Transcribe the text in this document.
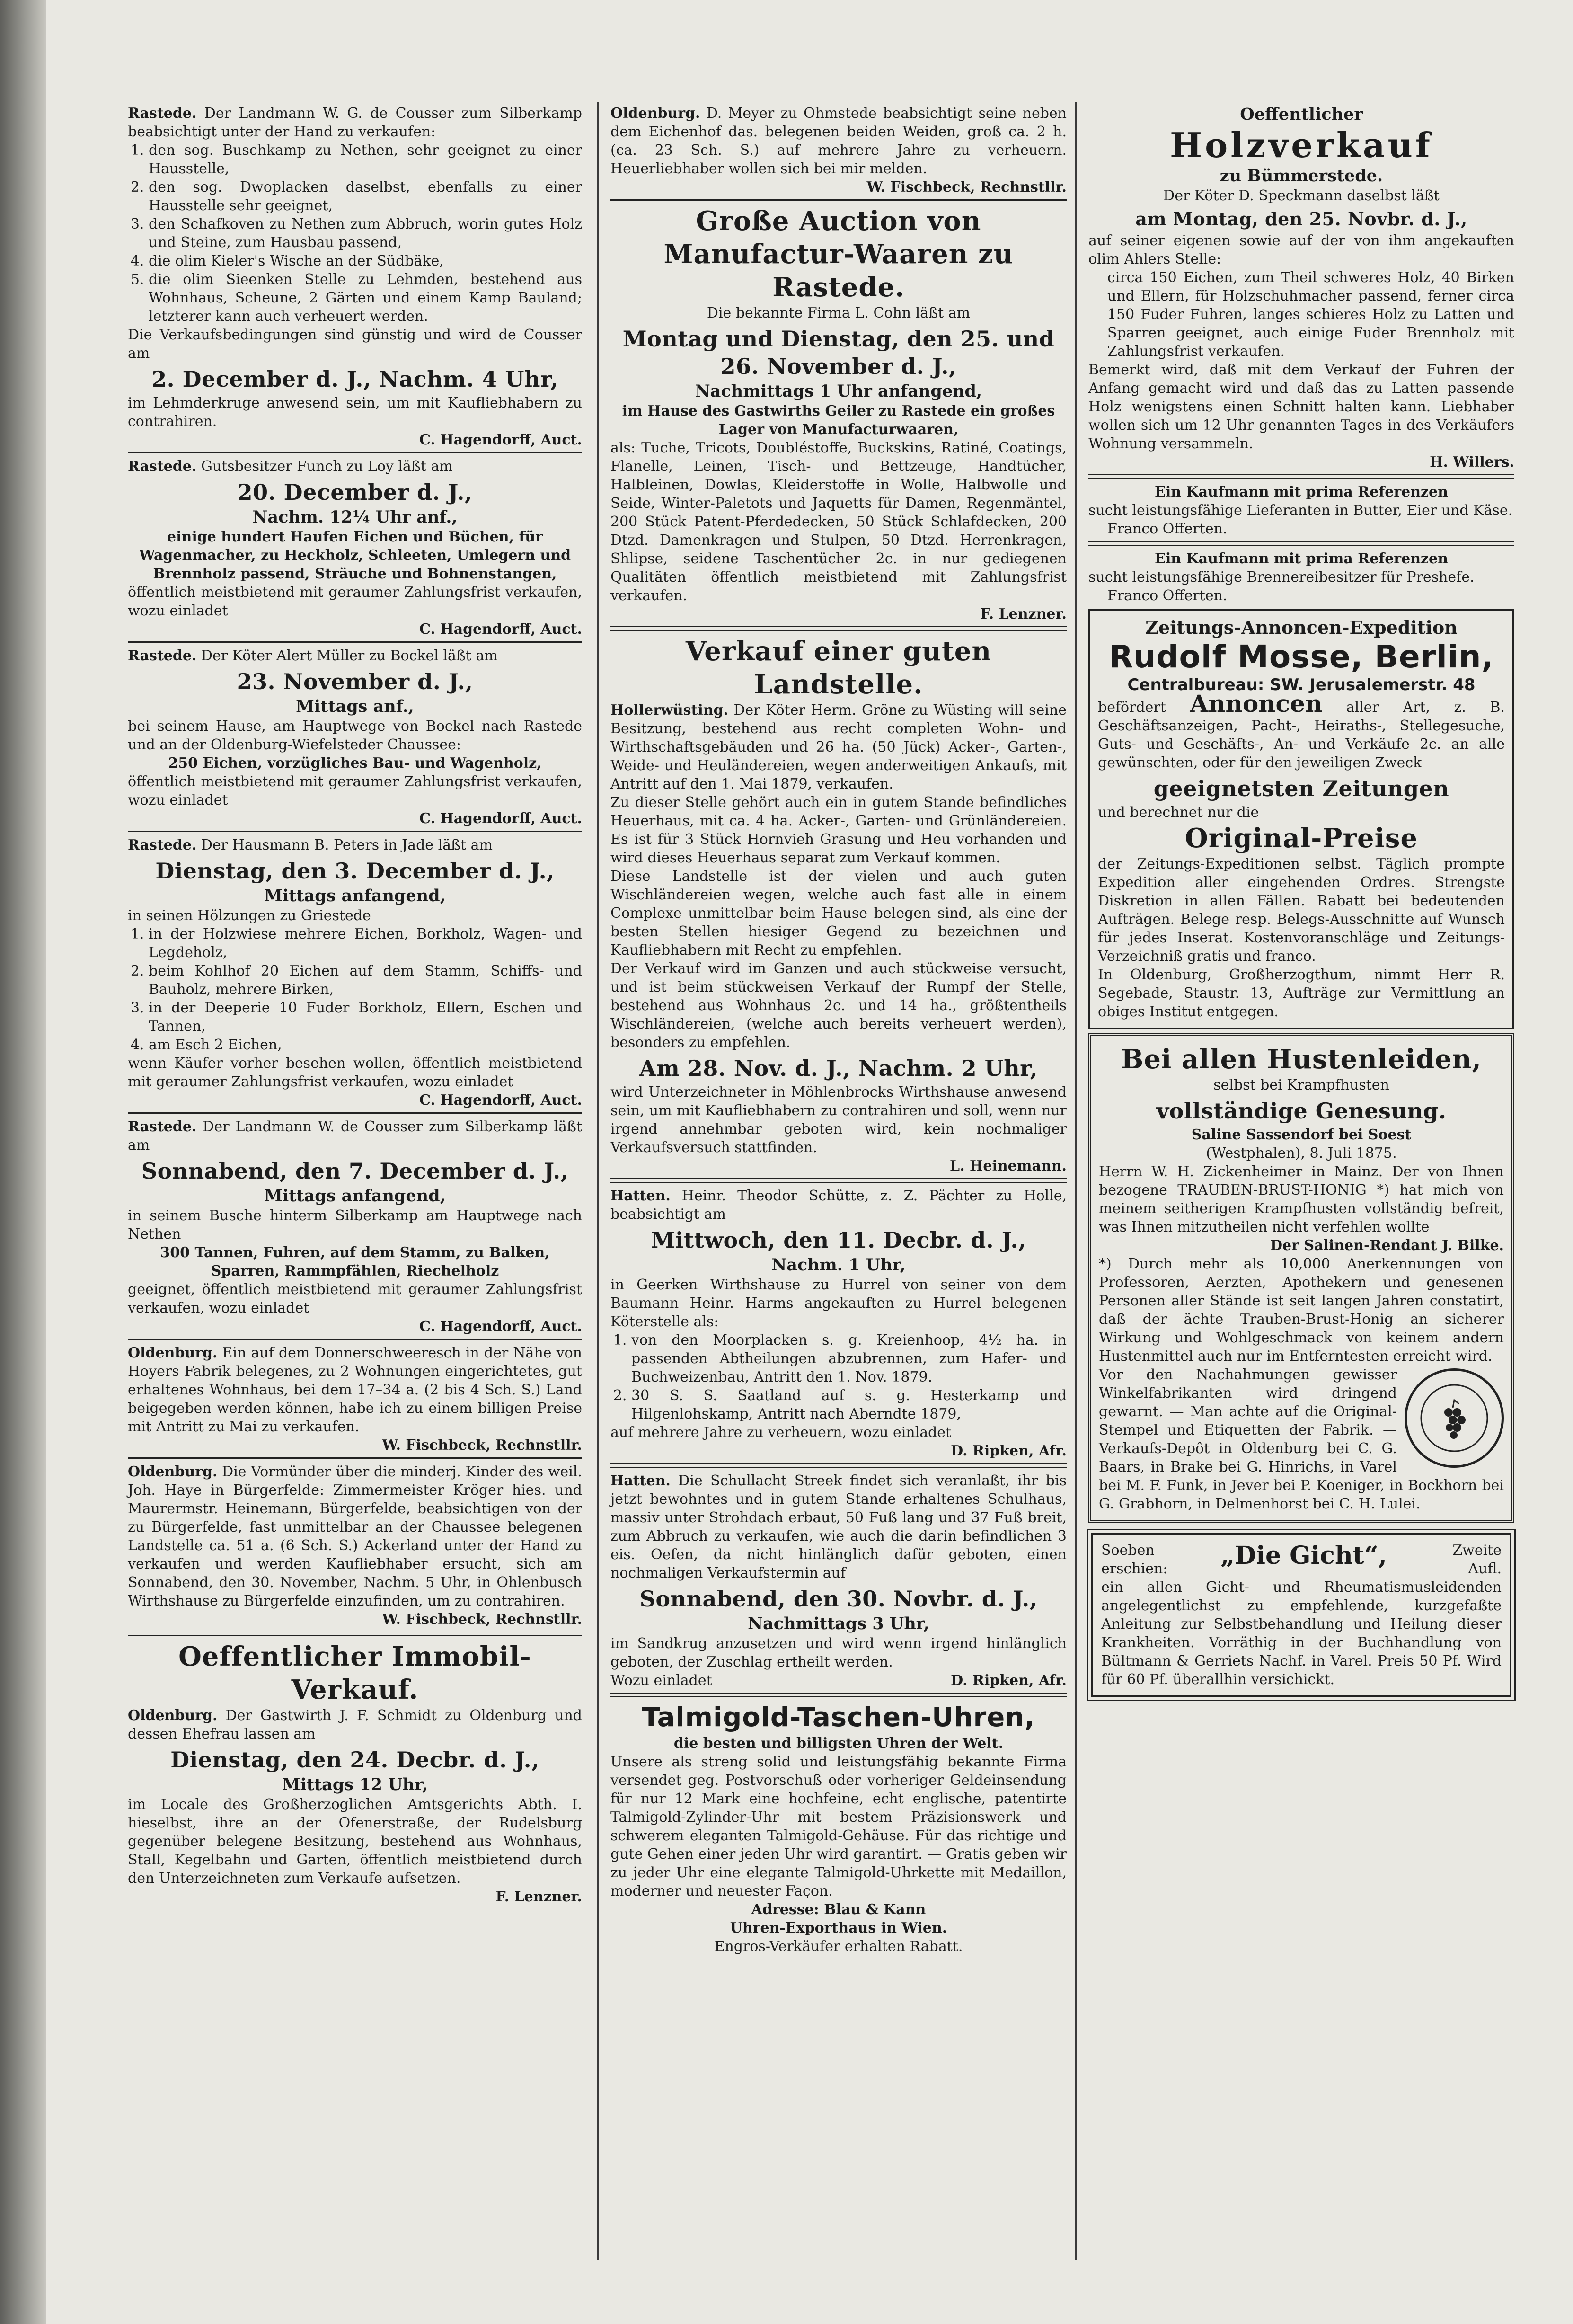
Rastede. Der Landmann W. G. de Cousser zum Silberkamp beabsichtigt unter der Hand zu verkaufen:

1. den sog. Buschkamp zu Nethen, sehr geeignet zu einer Hausstelle,
2. den sog. Dwoplacken daselbst, ebenfalls zu einer Hausstelle sehr geeignet,
3. den Schafkoven zu Nethen zum Abbruch, worin gutes Holz und Steine, zum Hausbau passend,
4. die olim Kieler's Wische an der Südbäke,
5. die olim Sieenken Stelle zu Lehmden, bestehend aus Wohnhaus, Scheune, 2 Gärten und einem Kamp Bauland; letzterer kann auch verheuert werden.

Die Verkaufsbedingungen sind günstig und wird de Cousser am

2. December d. J., Nachm. 4 Uhr,

im Lehmderkruge anwesend sein, um mit Kaufliebhabern zu contrahiren.

C. Hagendorff, Auct.

Rastede. Gutsbesitzer Funch zu Loy läßt am

20. December d. J.,

Nachm. 12¼ Uhr anf.,

einige hundert Haufen Eichen und Büchen, für Wagenmacher, zu Heckholz, Schleeten, Umlegern und Brennholz passend, Sträuche und Bohnenstangen,

öffentlich meistbietend mit geraumer Zahlungsfrist verkaufen, wozu einladet

C. Hagendorff, Auct.

Rastede. Der Köter Alert Müller zu Bockel läßt am

23. November d. J.,

Mittags anf.,

bei seinem Hause, am Hauptwege von Bockel nach Rastede und an der Oldenburg-Wiefelsteder Chaussee:

250 Eichen, vorzügliches Bau- und Wagenholz,

öffentlich meistbietend mit geraumer Zahlungsfrist verkaufen, wozu einladet

C. Hagendorff, Auct.

Rastede. Der Hausmann B. Peters in Jade läßt am

Dienstag, den 3. December d. J.,

Mittags anfangend,

in seinen Hölzungen zu Griestede

1. in der Holzwiese mehrere Eichen, Borkholz, Wagen- und Legdeholz,
2. beim Kohlhof 20 Eichen auf dem Stamm, Schiffs- und Bauholz, mehrere Birken,
3. in der Deeperie 10 Fuder Borkholz, Ellern, Eschen und Tannen,
4. am Esch 2 Eichen,

wenn Käufer vorher besehen wollen, öffentlich meistbietend mit geraumer Zahlungsfrist verkaufen, wozu einladet

C. Hagendorff, Auct.

Rastede. Der Landmann W. de Cousser zum Silberkamp läßt am

Sonnabend, den 7. December d. J.,

Mittags anfangend,

in seinem Busche hinterm Silberkamp am Hauptwege nach Nethen

300 Tannen, Fuhren, auf dem Stamm, zu Balken, Sparren, Rammpfählen, Riechelholz

geeignet, öffentlich meistbietend mit geraumer Zahlungsfrist verkaufen, wozu einladet

C. Hagendorff, Auct.

Oldenburg. Ein auf dem Donnerschweeresch in der Nähe von Hoyers Fabrik belegenes, zu 2 Wohnungen eingerichtetes, gut erhaltenes Wohnhaus, bei dem 17–34 a. (2 bis 4 Sch. S.) Land beigegeben werden können, habe ich zu einem billigen Preise mit Antritt zu Mai zu verkaufen.

W. Fischbeck, Rechnstllr.

Oldenburg. Die Vormünder über die minderj. Kinder des weil. Joh. Haye in Bürgerfelde: Zimmermeister Kröger hies. und Maurermstr. Heinemann, Bürgerfelde, beabsichtigen von der zu Bürgerfelde, fast unmittelbar an der Chaussee belegenen Landstelle ca. 51 a. (6 Sch. S.) Ackerland unter der Hand zu verkaufen und werden Kaufliebhaber ersucht, sich am Sonnabend, den 30. November, Nachm. 5 Uhr, in Ohlenbusch Wirthshause zu Bürgerfelde einzufinden, um zu contrahiren.

W. Fischbeck, Rechnstllr.

Oeffentlicher Immobil-Verkauf.

Oldenburg. Der Gastwirth J. F. Schmidt zu Oldenburg und dessen Ehefrau lassen am

Dienstag, den 24. Decbr. d. J.,

Mittags 12 Uhr,

im Locale des Großherzoglichen Amtsgerichts Abth. I. hieselbst, ihre an der Ofenerstraße, der Rudelsburg gegenüber belegene Besitzung, bestehend aus Wohnhaus, Stall, Kegelbahn und Garten, öffentlich meistbietend durch den Unterzeichneten zum Verkaufe aufsetzen.

F. Lenzner.

Oldenburg. D. Meyer zu Ohmstede beabsichtigt seine neben dem Eichenhof das. belegenen beiden Weiden, groß ca. 2 h. (ca. 23 Sch. S.) auf mehrere Jahre zu verheuern. Heuerliebhaber wollen sich bei mir melden.

W. Fischbeck, Rechnstllr.

Große Auction von Manufactur-Waaren zu Rastede.

Die bekannte Firma L. Cohn läßt am

Montag und Dienstag, den 25. und 26. November d. J.,

Nachmittags 1 Uhr anfangend,

im Hause des Gastwirths Geiler zu Rastede ein großes Lager von Manufacturwaaren,

als: Tuche, Tricots, Doubléstoffe, Buckskins, Ratiné, Coatings, Flanelle, Leinen, Tisch- und Bettzeuge, Handtücher, Halbleinen, Dowlas, Kleiderstoffe in Wolle, Halbwolle und Seide, Winter-Paletots und Jaquetts für Damen, Regenmäntel, 200 Stück Patent-Pferdedecken, 50 Stück Schlafdecken, 200 Dtzd. Damenkragen und Stulpen, 50 Dtzd. Herrenkragen, Shlipse, seidene Taschentücher 2c. in nur gediegenen Qualitäten öffentlich meistbietend mit Zahlungsfrist verkaufen.

F. Lenzner.

Verkauf einer guten Landstelle.

Hollerwüsting. Der Köter Herm. Gröne zu Wüsting will seine Besitzung, bestehend aus recht completen Wohn- und Wirthschaftsgebäuden und 26 ha. (50 Jück) Acker-, Garten-, Weide- und Heuländereien, wegen anderweitigen Ankaufs, mit Antritt auf den 1. Mai 1879, verkaufen.

Zu dieser Stelle gehört auch ein in gutem Stande befindliches Heuerhaus, mit ca. 4 ha. Acker-, Garten- und Grünländereien. Es ist für 3 Stück Hornvieh Grasung und Heu vorhanden und wird dieses Heuerhaus separat zum Verkauf kommen.

Diese Landstelle ist der vielen und auch guten Wischländereien wegen, welche auch fast alle in einem Complexe unmittelbar beim Hause belegen sind, als eine der besten Stellen hiesiger Gegend zu bezeichnen und Kaufliebhabern mit Recht zu empfehlen.

Der Verkauf wird im Ganzen und auch stückweise versucht, und ist beim stückweisen Verkauf der Rumpf der Stelle, bestehend aus Wohnhaus 2c. und 14 ha., größtentheils Wischländereien, (welche auch bereits verheuert werden), besonders zu empfehlen.

Am 28. Nov. d. J., Nachm. 2 Uhr,

wird Unterzeichneter in Möhlenbrocks Wirthshause anwesend sein, um mit Kaufliebhabern zu contrahiren und soll, wenn nur irgend annehmbar geboten wird, kein nochmaliger Verkaufsversuch stattfinden.

L. Heinemann.

Hatten. Heinr. Theodor Schütte, z. Z. Pächter zu Holle, beabsichtigt am

Mittwoch, den 11. Decbr. d. J.,

Nachm. 1 Uhr,

in Geerken Wirthshause zu Hurrel von seiner von dem Baumann Heinr. Harms angekauften zu Hurrel belegenen Köterstelle als:

1. von den Moorplacken s. g. Kreienhoop, 4½ ha. in passenden Abtheilungen abzubrennen, zum Hafer- und Buchweizenbau, Antritt den 1. Nov. 1879.
2. 30 S. S. Saatland auf s. g. Hesterkamp und Hilgenlohskamp, Antritt nach Aberndte 1879,

auf mehrere Jahre zu verheuern, wozu einladet

D. Ripken, Afr.

Hatten. Die Schullacht Streek findet sich veranlaßt, ihr bis jetzt bewohntes und in gutem Stande erhaltenes Schulhaus, massiv unter Strohdach erbaut, 50 Fuß lang und 37 Fuß breit, zum Abbruch zu verkaufen, wie auch die darin befindlichen 3 eis. Oefen, da nicht hinlänglich dafür geboten, einen nochmaligen Verkaufstermin auf

Sonnabend, den 30. Novbr. d. J.,

Nachmittags 3 Uhr,

im Sandkrug anzusetzen und wird wenn irgend hinlänglich geboten, der Zuschlag ertheilt werden.

Wozu einladet	D. Ripken, Afr.

Talmigold-Taschen-Uhren,

die besten und billigsten Uhren der Welt.

Unsere als streng solid und leistungsfähig bekannte Firma versendet geg. Postvorschuß oder vorheriger Geldeinsendung für nur 12 Mark eine hochfeine, echt englische, patentirte Talmigold-Zylinder-Uhr mit bestem Präzisionswerk und schwerem eleganten Talmigold-Gehäuse. Für das richtige und gute Gehen einer jeden Uhr wird garantirt. — Gratis geben wir zu jeder Uhr eine elegante Talmigold-Uhrkette mit Medaillon, moderner und neuester Façon.

Adresse: Blau & Kann

Uhren-Exporthaus in Wien.

Engros-Verkäufer erhalten Rabatt.

Oeffentlicher

Holzverkauf

zu Bümmerstede.

Der Köter D. Speckmann daselbst läßt

am Montag, den 25. Novbr. d. J.,

auf seiner eigenen sowie auf der von ihm angekauften olim Ahlers Stelle:

circa 150 Eichen, zum Theil schweres Holz, 40 Birken und Ellern, für Holzschuhmacher passend, ferner circa 150 Fuder Fuhren, langes schieres Holz zu Latten und Sparren geeignet, auch einige Fuder Brennholz mit Zahlungsfrist verkaufen.

Bemerkt wird, daß mit dem Verkauf der Fuhren der Anfang gemacht wird und daß das zu Latten passende Holz wenigstens einen Schnitt halten kann. Liebhaber wollen sich um 12 Uhr genannten Tages in des Verkäufers Wohnung versammeln.

H. Willers.

Ein Kaufmann mit prima Referenzen

sucht leistungsfähige Lieferanten in Butter, Eier und Käse.

Franco Offerten.

Ein Kaufmann mit prima Referenzen

sucht leistungsfähige Brennereibesitzer für Preshefe.

Franco Offerten.

Zeitungs-Annoncen-Expedition

Rudolf Mosse, Berlin,

Centralbureau: SW. Jerusalemerstr. 48

befördert Annoncen aller Art, z. B. Geschäftsanzeigen, Pacht-, Heiraths-, Stellegesuche, Guts- und Geschäfts-, An- und Verkäufe 2c. an alle gewünschten, oder für den jeweiligen Zweck

geeignetsten Zeitungen

und berechnet nur die

Original-Preise

der Zeitungs-Expeditionen selbst. Täglich prompte Expedition aller eingehenden Ordres. Strengste Diskretion in allen Fällen. Rabatt bei bedeutenden Aufträgen. Belege resp. Belegs-Ausschnitte auf Wunsch für jedes Inserat. Kostenvoranschläge und Zeitungs-Verzeichniß gratis und franco.

In Oldenburg, Großherzogthum, nimmt Herr R. Segebade, Staustr. 13, Aufträge zur Vermittlung an obiges Institut entgegen.

Bei allen Hustenleiden,

selbst bei Krampfhusten

vollständige Genesung.

Saline Sassendorf bei Soest

(Westphalen), 8. Juli 1875.

Herrn W. H. Zickenheimer in Mainz. Der von Ihnen bezogene TRAUBEN-BRUST-HONIG *) hat mich von meinem seitherigen Krampfhusten vollständig befreit, was Ihnen mitzutheilen nicht verfehlen wollte

Der Salinen-Rendant J. Bilke.

*) Durch mehr als 10,000 Anerkennungen von Professoren, Aerzten, Apothekern und genesenen Personen aller Stände ist seit langen Jahren constatirt, daß der ächte Trauben-Brust-Honig an sicherer Wirkung und Wohlgeschmack von keinem andern Hustenmittel auch nur im Entferntesten erreicht wird.

Vor den Nachahmungen gewisser Winkelfabrikanten wird dringend gewarnt. — Man achte auf die Original-Stempel und Etiquetten der Fabrik. — Verkaufs-Depôt in Oldenburg bei C. G. Baars, in Brake bei G. Hinrichs, in Varel bei M. F. Funk, in Jever bei P. Koeniger, in Bockhorn bei G. Grabhorn, in Delmenhorst bei C. H. Lulei.

Soeben erschien:
Zweite Aufl.
„Die Gicht“,

ein allen Gicht- und Rheumatismusleidenden angelegentlichst zu empfehlende, kurzgefaßte Anleitung zur Selbstbehandlung und Heilung dieser Krankheiten. Vorräthig in der Buchhandlung von Bültmann & Gerriets Nachf. in Varel. Preis 50 Pf. Wird für 60 Pf. überallhin versichickt.
